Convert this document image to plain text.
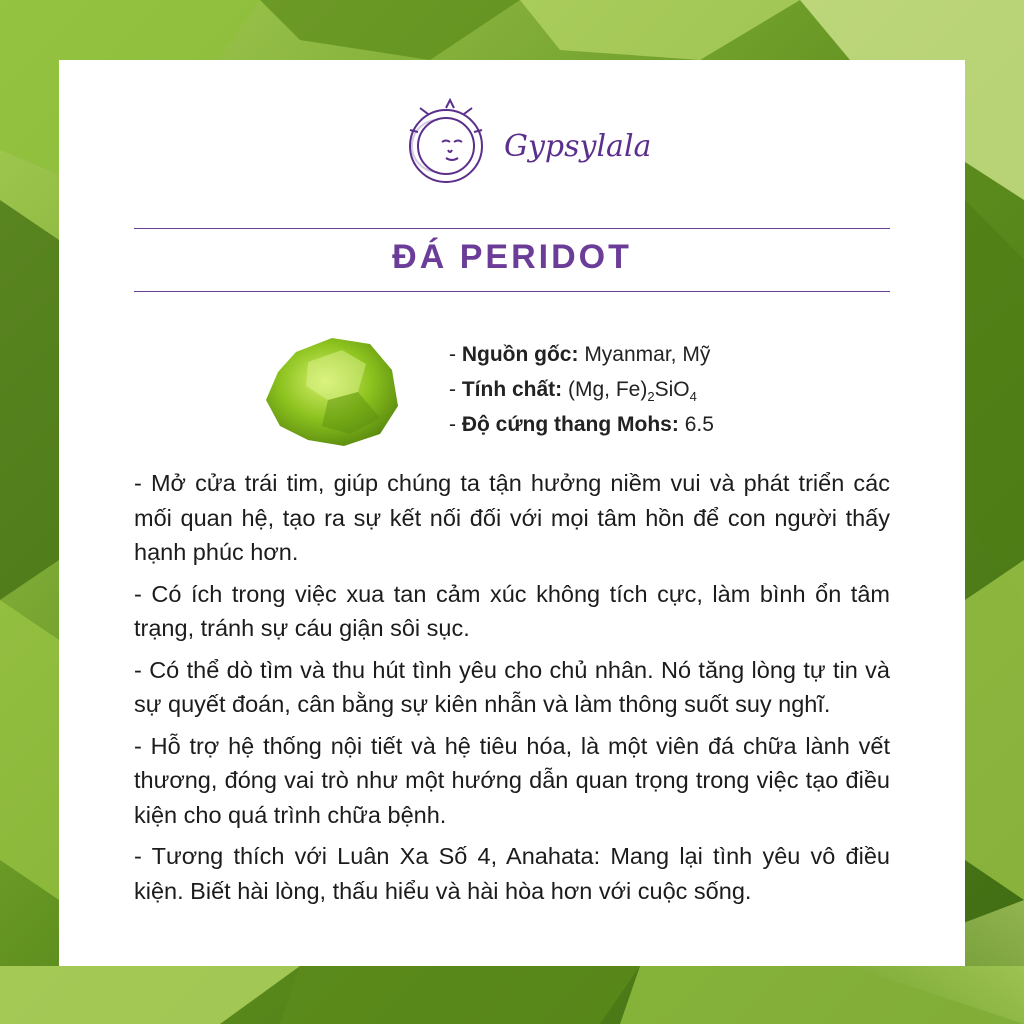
Gypsylala
ĐÁ PERIDOT
- Nguồn gốc: Myanmar, Mỹ
- Tính chất: (Mg, $Fe)_2SiO_4$
- Độ cứng thang Mohs: 6.5

- Mở cửa trái tim, giúp chúng ta tận hưởng niềm vui và phát triển các mối quan hệ, tạo ra sự kết nối đối với mọi tâm hồn để con người thấy hạnh phúc hơn.

- Có ích trong việc xua tan cảm xúc không tích cực, làm bình ổn tâm trạng, tránh sự cáu giận sôi sục.

- Có thể dò tìm và thu hút tình yêu cho chủ nhân. Nó tăng lòng tự tin và sự quyết đoán, cân bằng sự kiên nhẫn và làm thông suốt suy nghĩ.

- Hỗ trợ hệ thống nội tiết và hệ tiêu hóa, là một viên đá chữa lành vết thương, đóng vai trò như một hướng dẫn quan trọng trong việc tạo điều kiện cho quá trình chữa bệnh.

- Tương thích với Luân Xa Số 4, Anahata: Mang lại tình yêu vô điều kiện. Biết hài lòng, thấu hiểu và hài hòa hơn với cuộc sống.
